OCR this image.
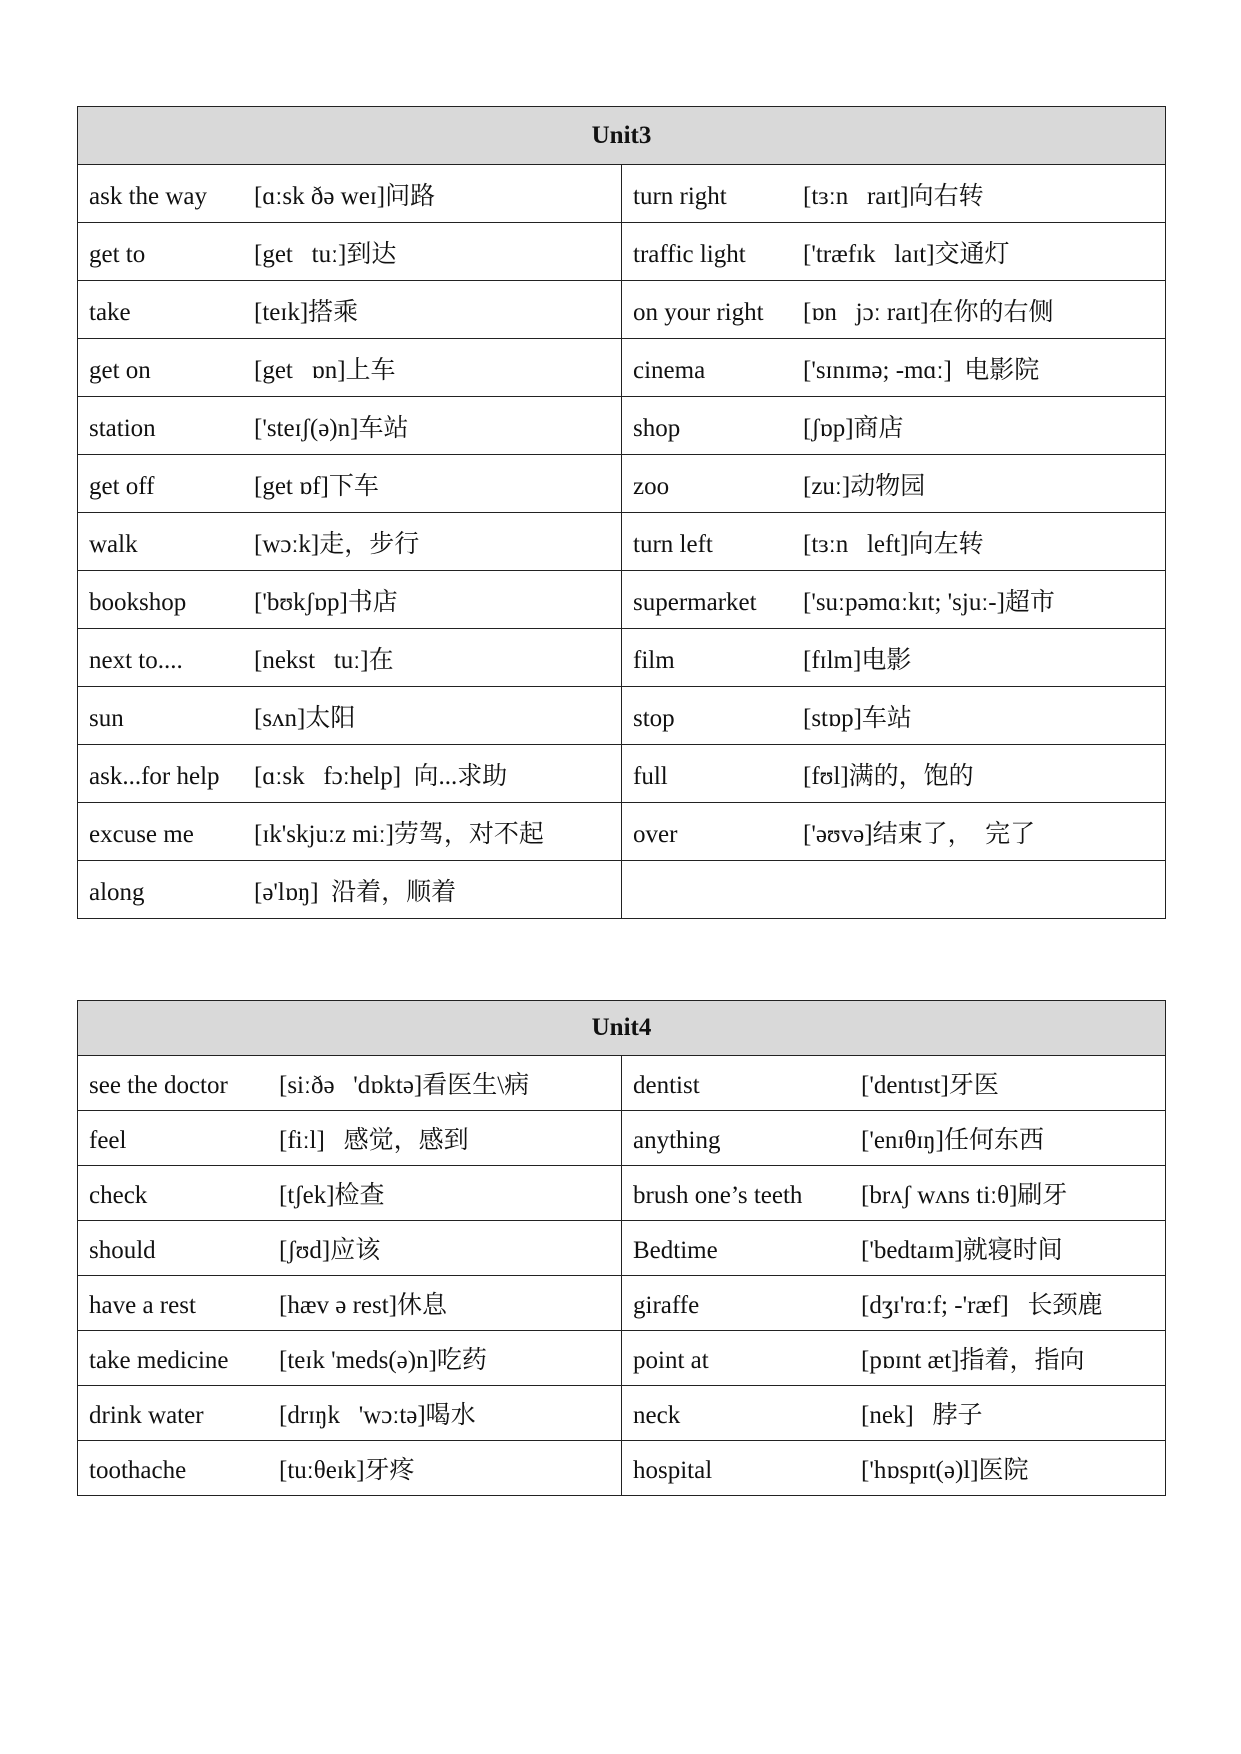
Unit3	
ask the way [ɑːsk ðə weɪ]问路	turn right [tɜːn   raɪt]向右转
get to [get   tuː]到达	traffic light ['træfɪk   laɪt]交通灯
take [teɪk]搭乘	on your right [ɒn   jɔː raɪt]在你的右侧
get on [get   ɒn]上车	cinema ['sɪnɪmə; -mɑː]  电影院
station ['steɪʃ(ə)n]车站	shop [ʃɒp]商店
get off [get ɒf]下车	zoo [zuː]动物园
walk [wɔːk]走，步行	turn left [tɜːn   left]向左转
bookshop ['bʊkʃɒp]书店	supermarket ['suːpəmɑːkɪt; 'sjuː-]超市
next to.... [nekst   tuː]在	film [fɪlm]电影
sun [sʌn]太阳	stop [stɒp]车站
ask...for help [ɑːsk   fɔːhelp]  向...求助	full [fʊl]满的，饱的
excuse me [ɪk'skjuːz miː]劳驾，对不起	over ['əʊvə]结束了，  完了
along [ə'lɒŋ]  沿着，顺着	
Unit4	
see the doctor [siːðə   'dɒktə]看医生\病	dentist ['dentɪst]牙医
feel [fiːl]   感觉，感到	anything ['enɪθɪŋ]任何东西
check [tʃek]检查	brush one’s teeth [brʌʃ wʌns tiːθ]刷牙
should [ʃʊd]应该	Bedtime ['bedtaɪm]就寝时间
have a rest [hæv ə rest]休息	giraffe [dʒɪ'rɑːf; -'ræf]   长颈鹿
take medicine [teɪk 'meds(ə)n]吃药	point at [pɒɪnt æt]指着，指向
drink water [drɪŋk   'wɔːtə]喝水	neck [nek]   脖子
toothache [tuːθeɪk]牙疼	hospital ['hɒspɪt(ə)l]医院
